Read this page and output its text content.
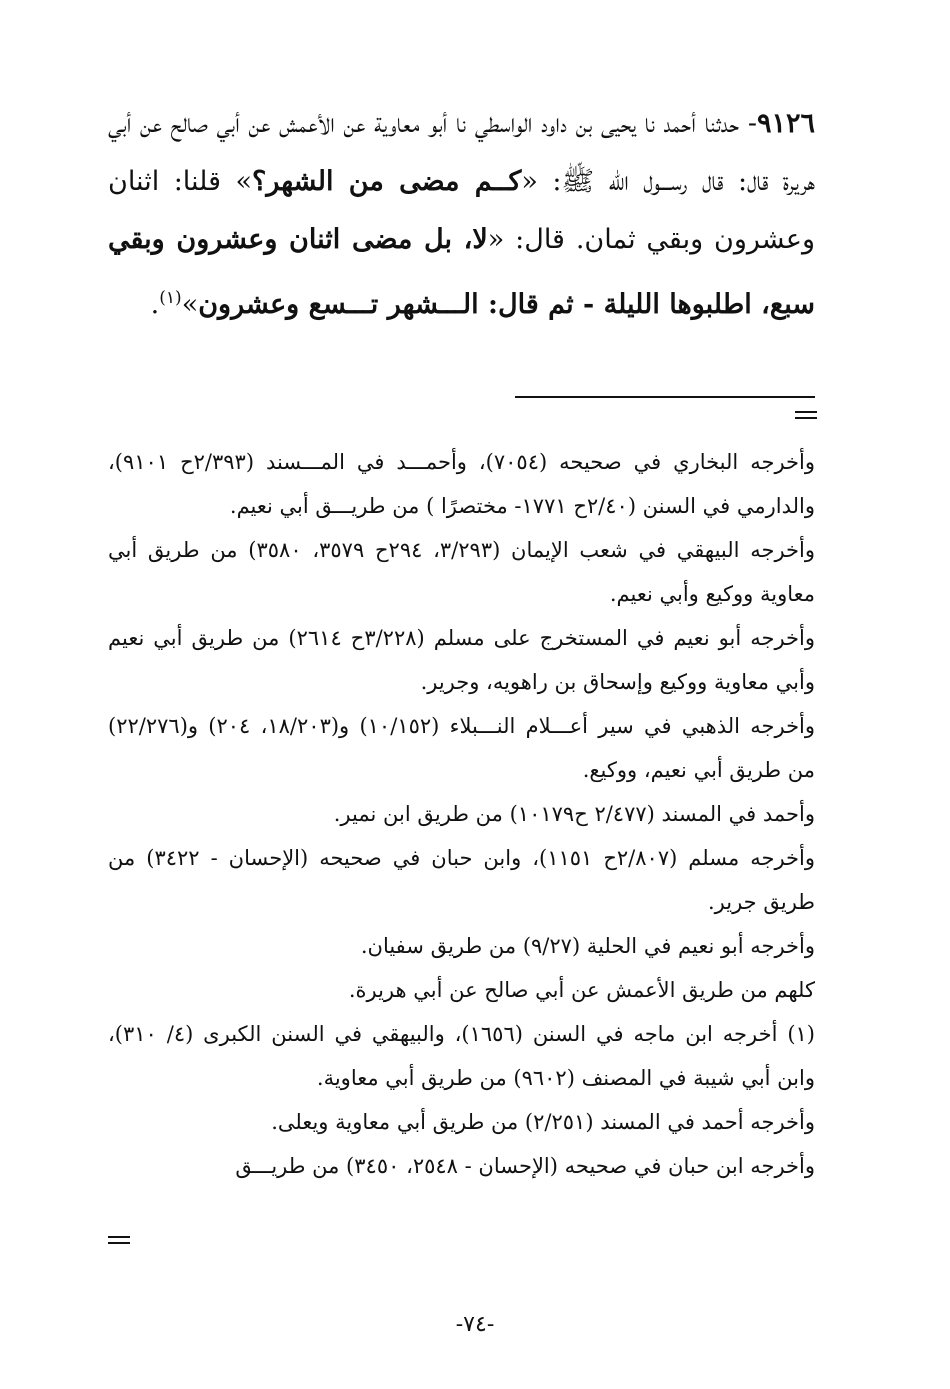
٩١٢٦- حدثنا أحمد نا يحيى بن داود الواسطي نا أبو معاوية عن الأعمش عن أبي صالح عن أبي هريرة قال: قال رســـول الله ﷺ: «كــم مضى من الشهر؟» قلنا: اثنان وعشرون وبقي ثمان. قال: «لا، بل مضى اثنان وعشرون وبقي سبع، اطلبوها الليلة - ثم قال: الـــشهر تـــسع وعشرون»$^{(١)}$.

وأخرجه البخاري في صحيحه (٧٠٥٤)، وأحمـــد في المـــسند (٢/٣٩٣ح ٩١٠١)، والدارمي في السنن (٢/٤٠ح ١٧٧١- مختصرًا ) من طريـــق أبي نعيم.

وأخرجه البيهقي في شعب الإيمان (٣/٢٩٣، ٢٩٤ح ٣٥٧٩، ٣٥٨٠) من طريق أبي معاوية ووكيع وأبي نعيم.

وأخرجه أبو نعيم في المستخرج على مسلم (٣/٢٢٨ح ٢٦١٤) من طريق أبي نعيم وأبي معاوية ووكيع وإسحاق بن راهويه، وجرير.

وأخرجه الذهبي في سير أعـــلام النـــبلاء (١٠/١٥٢) و(١٨/٢٠٣، ٢٠٤) و(٢٢/٢٧٦) من طريق أبي نعيم، ووكيع.

وأحمد في المسند (٢/٤٧٧ ح١٠١٧٩) من طريق ابن نمير.

وأخرجه مسلم (٢/٨٠٧ح ١١٥١)، وابن حبان في صحيحه (الإحسان - ٣٤٢٢) من طريق جرير.

وأخرجه أبو نعيم في الحلية (٩/٢٧) من طريق سفيان.

كلهم من طريق الأعمش عن أبي صالح عن أبي هريرة.

(١) أخرجه ابن ماجه في السنن (١٦٥٦)، والبيهقي في السنن الكبرى (٤/ ٣١٠)، وابن أبي شيبة في المصنف (٩٦٠٢) من طريق أبي معاوية.

وأخرجه أحمد في المسند (٢/٢٥١) من طريق أبي معاوية ويعلى.

وأخرجه ابن حبان في صحيحه (الإحسان - ٢٥٤٨، ٣٤٥٠) من طريـــق

-٧٤-
